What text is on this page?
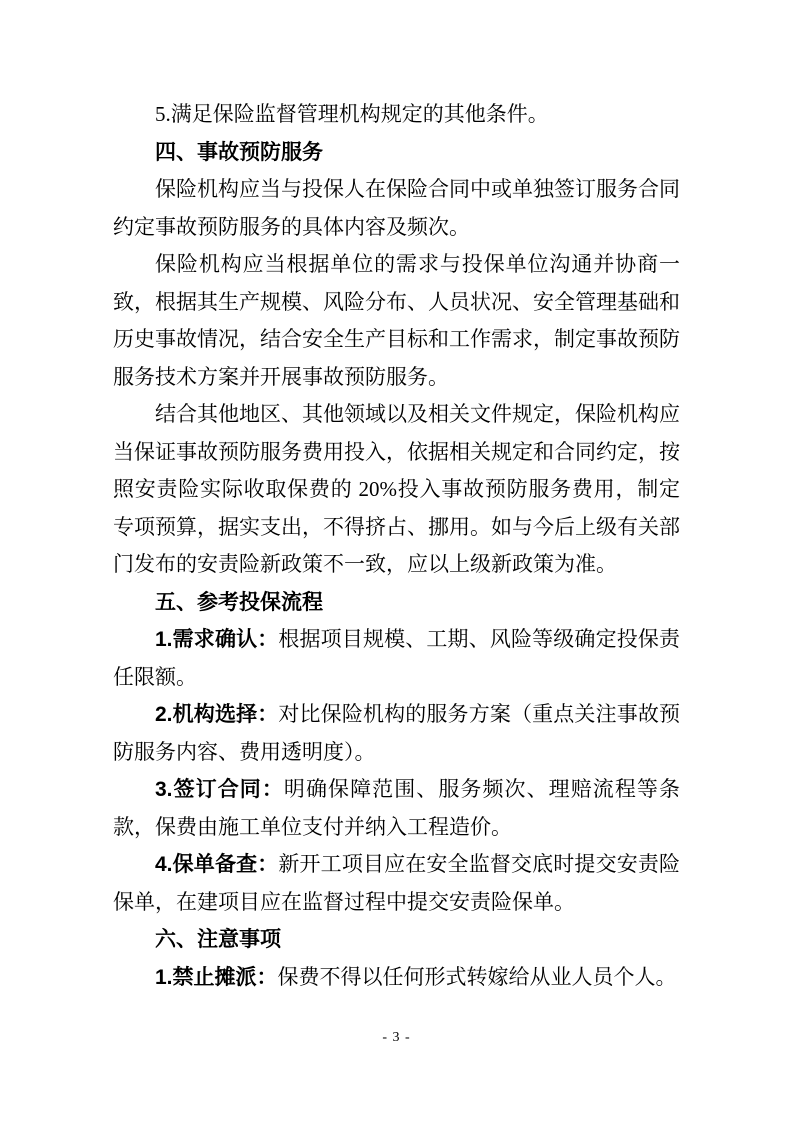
5.满足保险监督管理机构规定的其他条件。

四、事故预防服务

保险机构应当与投保人在保险合同中或单独签订服务合同约定事故预防服务的具体内容及频次。

保险机构应当根据单位的需求与投保单位沟通并协商一致，根据其生产规模、风险分布、人员状况、安全管理基础和历史事故情况，结合安全生产目标和工作需求，制定事故预防服务技术方案并开展事故预防服务。

结合其他地区、其他领域以及相关文件规定，保险机构应当保证事故预防服务费用投入，依据相关规定和合同约定，按照安责险实际收取保费的 20%投入事故预防服务费用，制定专项预算，据实支出，不得挤占、挪用。如与今后上级有关部门发布的安责险新政策不一致，应以上级新政策为准。

五、参考投保流程

1.需求确认：根据项目规模、工期、风险等级确定投保责任限额。

2.机构选择：对比保险机构的服务方案（重点关注事故预防服务内容、费用透明度）。

3.签订合同：明确保障范围、服务频次、理赔流程等条款，保费由施工单位支付并纳入工程造价。

4.保单备查：新开工项目应在安全监督交底时提交安责险保单，在建项目应在监督过程中提交安责险保单。

六、注意事项

1.禁止摊派：保费不得以任何形式转嫁给从业人员个人。

- 3 -
